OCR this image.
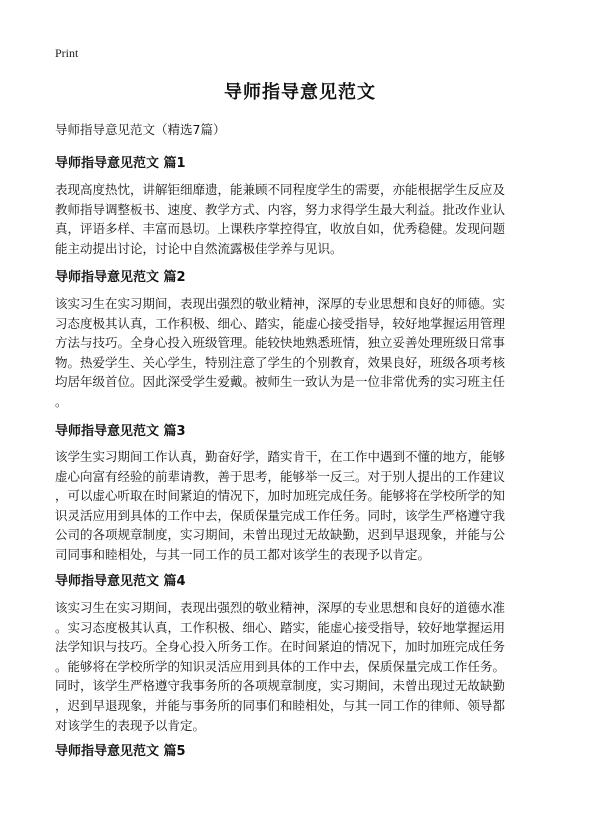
Print
导师指导意见范文
导师指导意见范文（精选7篇）
导师指导意见范文 篇1
表现高度热忱，讲解钜细靡遗，能兼顾不同程度学生的需要，亦能根据学生反应及
教师指导调整板书、速度、教学方式、内容，努力求得学生最大利益。批改作业认
真，评语多样、丰富而恳切。上课秩序掌控得宜，收放自如，优秀稳健。发现问题
能主动提出讨论，讨论中自然流露极佳学养与见识。
导师指导意见范文 篇2
该实习生在实习期间，表现出强烈的敬业精神，深厚的专业思想和良好的师德。实
习态度极其认真，工作积极、细心、踏实，能虚心接受指导，较好地掌握运用管理
方法与技巧。全身心投入班级管理。能较快地熟悉班情，独立妥善处理班级日常事
物。热爱学生、关心学生，特别注意了学生的个别教育，效果良好，班级各项考核
均居年级首位。因此深受学生爱戴。被师生一致认为是一位非常优秀的实习班主任
。
导师指导意见范文 篇3
该学生实习期间工作认真，勤奋好学，踏实肯干，在工作中遇到不懂的地方，能够
虚心向富有经验的前辈请教，善于思考，能够举一反三。对于别人提出的工作建议
，可以虚心听取在时间紧迫的情况下，加时加班完成任务。能够将在学校所学的知
识灵活应用到具体的工作中去，保质保量完成工作任务。同时，该学生严格遵守我
公司的各项规章制度，实习期间，未曾出现过无故缺勤，迟到早退现象，并能与公
司同事和睦相处，与其一同工作的员工都对该学生的表现予以肯定。
导师指导意见范文 篇4
该实习生在实习期间，表现出强烈的敬业精神，深厚的专业思想和良好的道德水准
。实习态度极其认真，工作积极、细心、踏实，能虚心接受指导，较好地掌握运用
法学知识与技巧。全身心投入所务工作。在时间紧迫的情况下，加时加班完成任务
。能够将在学校所学的知识灵活应用到具体的工作中去，保质保量完成工作任务。
同时，该学生严格遵守我事务所的各项规章制度，实习期间，未曾出现过无故缺勤
，迟到早退现象，并能与事务所的同事们和睦相处，与其一同工作的律师、领导都
对该学生的表现予以肯定。
导师指导意见范文 篇5
